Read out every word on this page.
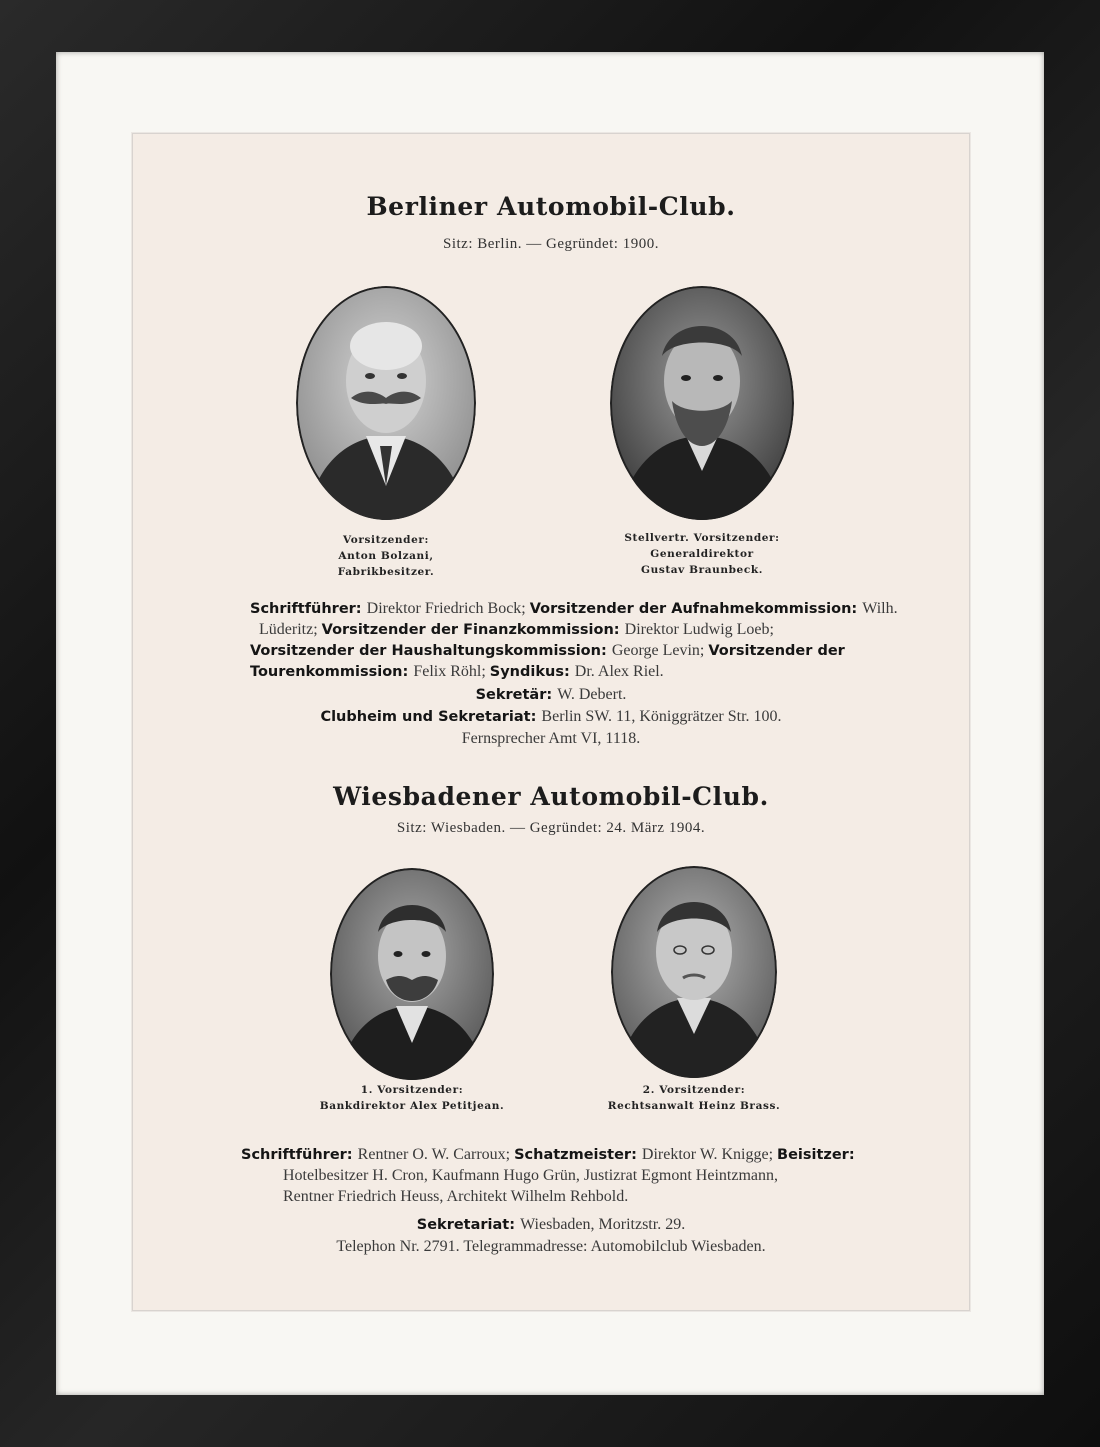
Berliner Automobil-Club.
Sitz: Berlin. — Gegründet: 1900.
Vorsitzender:
Anton Bolzani,
Fabrikbesitzer.
Stellvertr. Vorsitzender:
Generaldirektor
Gustav Braunbeck.
Schriftführer: Direktor Friedrich Bock; Vorsitzender der Aufnahmekommission: Wilh.
Lüderitz; Vorsitzender der Finanzkommission: Direktor Ludwig Loeb;
Vorsitzender der Haushaltungskommission: George Levin; Vorsitzender der
Tourenkommission: Felix Röhl; Syndikus: Dr. Alex Riel.
Sekretär: W. Debert.
Clubheim und Sekretariat: Berlin SW. 11, Königgrätzer Str. 100.
Fernsprecher Amt VI, 1118.
Wiesbadener Automobil-Club.
Sitz: Wiesbaden. — Gegründet: 24. März 1904.
1. Vorsitzender:
Bankdirektor Alex Petitjean.
2. Vorsitzender:
Rechtsanwalt Heinz Brass.
Schriftführer: Rentner O. W. Carroux; Schatzmeister: Direktor W. Knigge; Beisitzer:
Hotelbesitzer H. Cron, Kaufmann Hugo Grün, Justizrat Egmont Heintzmann,
Rentner Friedrich Heuss, Architekt Wilhelm Rehbold.
Sekretariat: Wiesbaden, Moritzstr. 29.
Telephon Nr. 2791. Telegrammadresse: Automobilclub Wiesbaden.
